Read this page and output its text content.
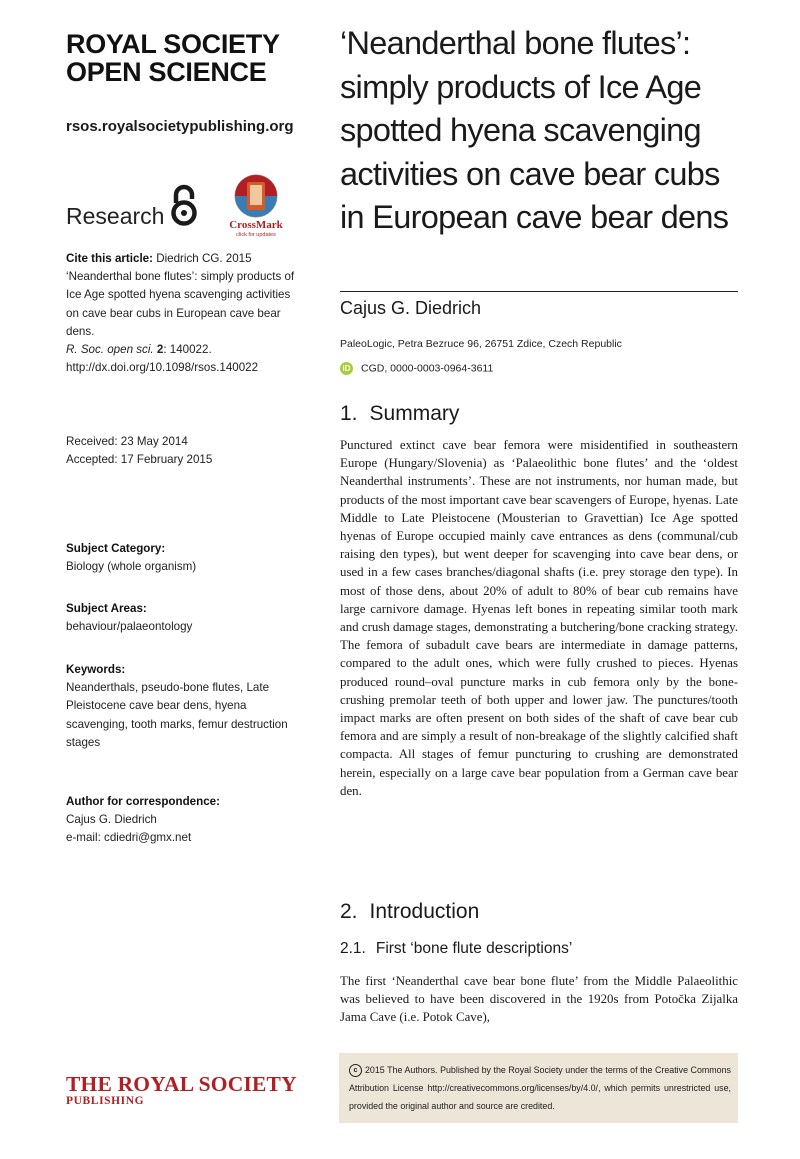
ROYAL SOCIETY
OPEN SCIENCE
rsos.royalsocietypublishing.org
Research	CrossMark
click for updates
Cite this article: Diedrich CG. 2015 ‘Neanderthal bone flutes’: simply products of Ice Age spotted hyena scavenging activities on cave bear cubs in European cave bear dens.
R. Soc. open sci. 2: 140022.
http://dx.doi.org/10.1098/rsos.140022
Received: 23 May 2014
Accepted: 17 February 2015
Subject Category:
Biology (whole organism)
Subject Areas:
behaviour/palaeontology
Keywords:
Neanderthals, pseudo-bone flutes, Late Pleistocene cave bear dens, hyena scavenging, tooth marks, femur destruction stages
Author for correspondence:
Cajus G. Diedrich
e-mail: cdiedri@gmx.net
THE ROYAL SOCIETY
PUBLISHING
‘Neanderthal bone flutes’:
simply products of Ice Age
spotted hyena scavenging
activities on cave bear cubs
in European cave bear dens
Cajus G. Diedrich
PaleoLogic, Petra Bezruce 96, 26751 Zdice, Czech Republic
iD CGD, 0000-0003-0964-3611
1. Summary
Punctured extinct cave bear femora were misidentified in southeastern Europe (Hungary/Slovenia) as ‘Palaeolithic bone flutes’ and the ‘oldest Neanderthal instruments’. These are not instruments, nor human made, but products of the most important cave bear scavengers of Europe, hyenas. Late Middle to Late Pleistocene (Mousterian to Gravettian) Ice Age spotted hyenas of Europe occupied mainly cave entrances as dens (communal/cub raising den types), but went deeper for scavenging into cave bear dens, or used in a few cases branches/diagonal shafts (i.e. prey storage den type). In most of those dens, about 20% of adult to 80% of bear cub remains have large carnivore damage. Hyenas left bones in repeating similar tooth mark and crush damage stages, demonstrating a butchering/bone cracking strategy. The femora of subadult cave bears are intermediate in damage patterns, compared to the adult ones, which were fully crushed to pieces. Hyenas produced round–oval puncture marks in cub femora only by the bone-crushing premolar teeth of both upper and lower jaw. The punctures/tooth impact marks are often present on both sides of the shaft of cave bear cub femora and are simply a result of non-breakage of the slightly calcified shaft compacta. All stages of femur puncturing to crushing are demonstrated herein, especially on a large cave bear population from a German cave bear den.
2. Introduction
2.1. First ‘bone flute descriptions’
The first ‘Neanderthal cave bear bone flute’ from the Middle Palaeolithic was believed to have been discovered in the 1920s from Potočka Zijalka Jama Cave (i.e. Potok Cave),
c 2015 The Authors. Published by the Royal Society under the terms of the Creative Commons Attribution License http://creativecommons.org/licenses/by/4.0/, which permits unrestricted use, provided the original author and source are credited.
